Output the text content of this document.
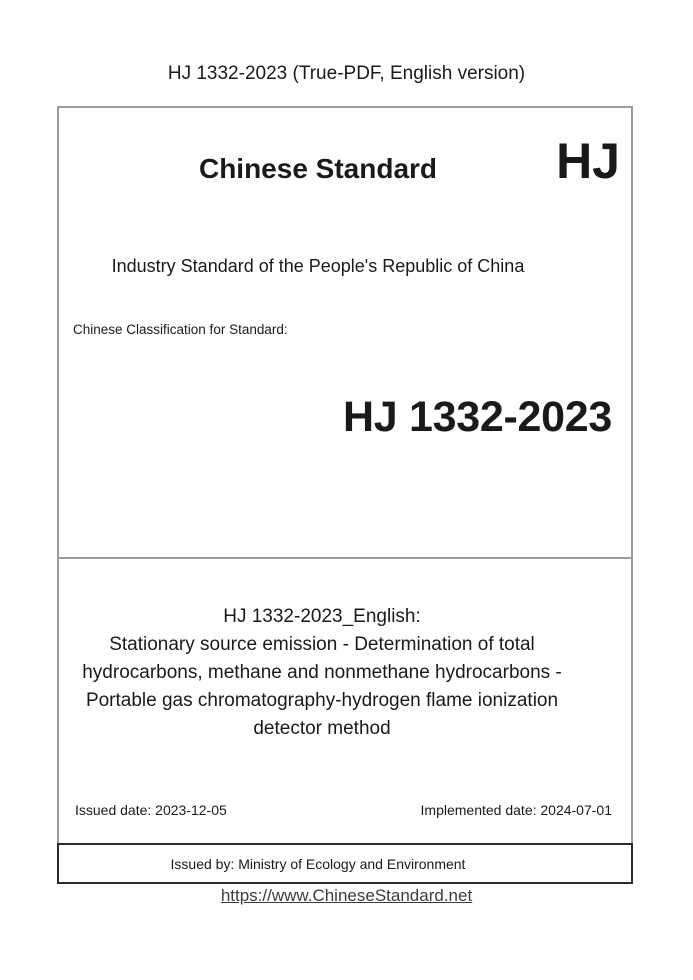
HJ 1332-2023 (True-PDF, English version)
Chinese Standard	HJ
Industry Standard of the People's Republic of China
Chinese Classification for Standard:
HJ 1332-2023
HJ 1332-2023_English:
Stationary source emission - Determination of total
hydrocarbons, methane and nonmethane hydrocarbons -
Portable gas chromatography-hydrogen flame ionization
detector method
Issued date: 2023-12-05	Implemented date: 2024-07-01
Issued by: Ministry of Ecology and Environment
https://www.ChineseStandard.net
